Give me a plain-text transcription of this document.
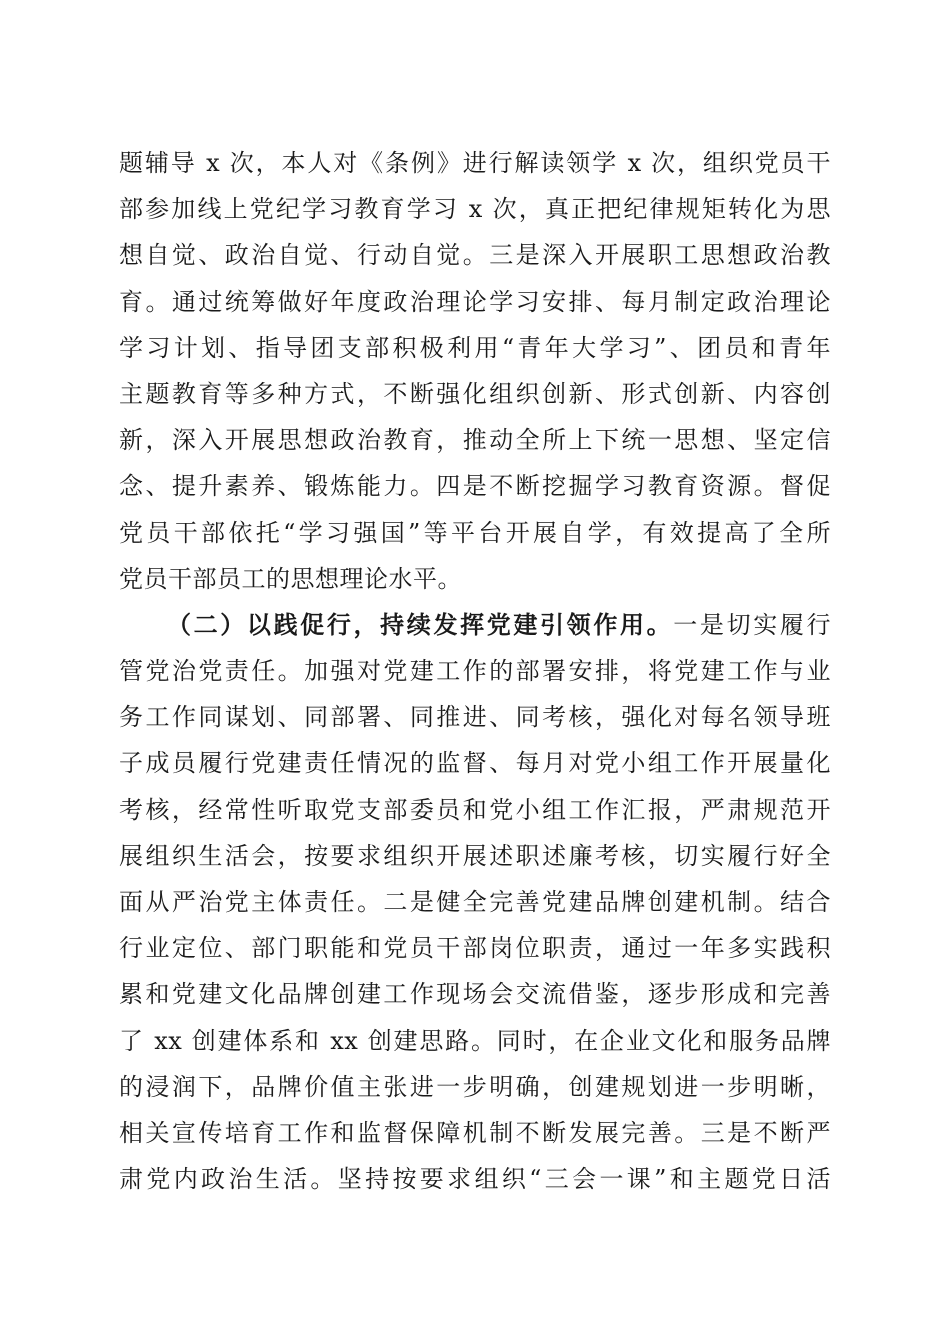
题辅导 x 次，本人对《条例》进行解读领学 x 次，组织党员干
部参加线上党纪学习教育学习 x 次，真正把纪律规矩转化为思
想自觉、政治自觉、行动自觉。三是深入开展职工思想政治教
育。通过统筹做好年度政治理论学习安排、每月制定政治理论
学习计划、指导团支部积极利用“青年大学习”、团员和青年
主题教育等多种方式，不断强化组织创新、形式创新、内容创
新，深入开展思想政治教育，推动全所上下统一思想、坚定信
念、提升素养、锻炼能力。四是不断挖掘学习教育资源。督促
党员干部依托“学习强国”等平台开展自学，有效提高了全所
党员干部员工的思想理论水平。
（二）以践促行，持续发挥党建引领作用。一是切实履行
管党治党责任。加强对党建工作的部署安排，将党建工作与业
务工作同谋划、同部署、同推进、同考核，强化对每名领导班
子成员履行党建责任情况的监督、每月对党小组工作开展量化
考核，经常性听取党支部委员和党小组工作汇报，严肃规范开
展组织生活会，按要求组织开展述职述廉考核，切实履行好全
面从严治党主体责任。二是健全完善党建品牌创建机制。结合
行业定位、部门职能和党员干部岗位职责，通过一年多实践积
累和党建文化品牌创建工作现场会交流借鉴，逐步形成和完善
了 xx 创建体系和 xx 创建思路。同时，在企业文化和服务品牌
的浸润下，品牌价值主张进一步明确，创建规划进一步明晰，
相关宣传培育工作和监督保障机制不断发展完善。三是不断严
肃党内政治生活。坚持按要求组织“三会一课”和主题党日活
